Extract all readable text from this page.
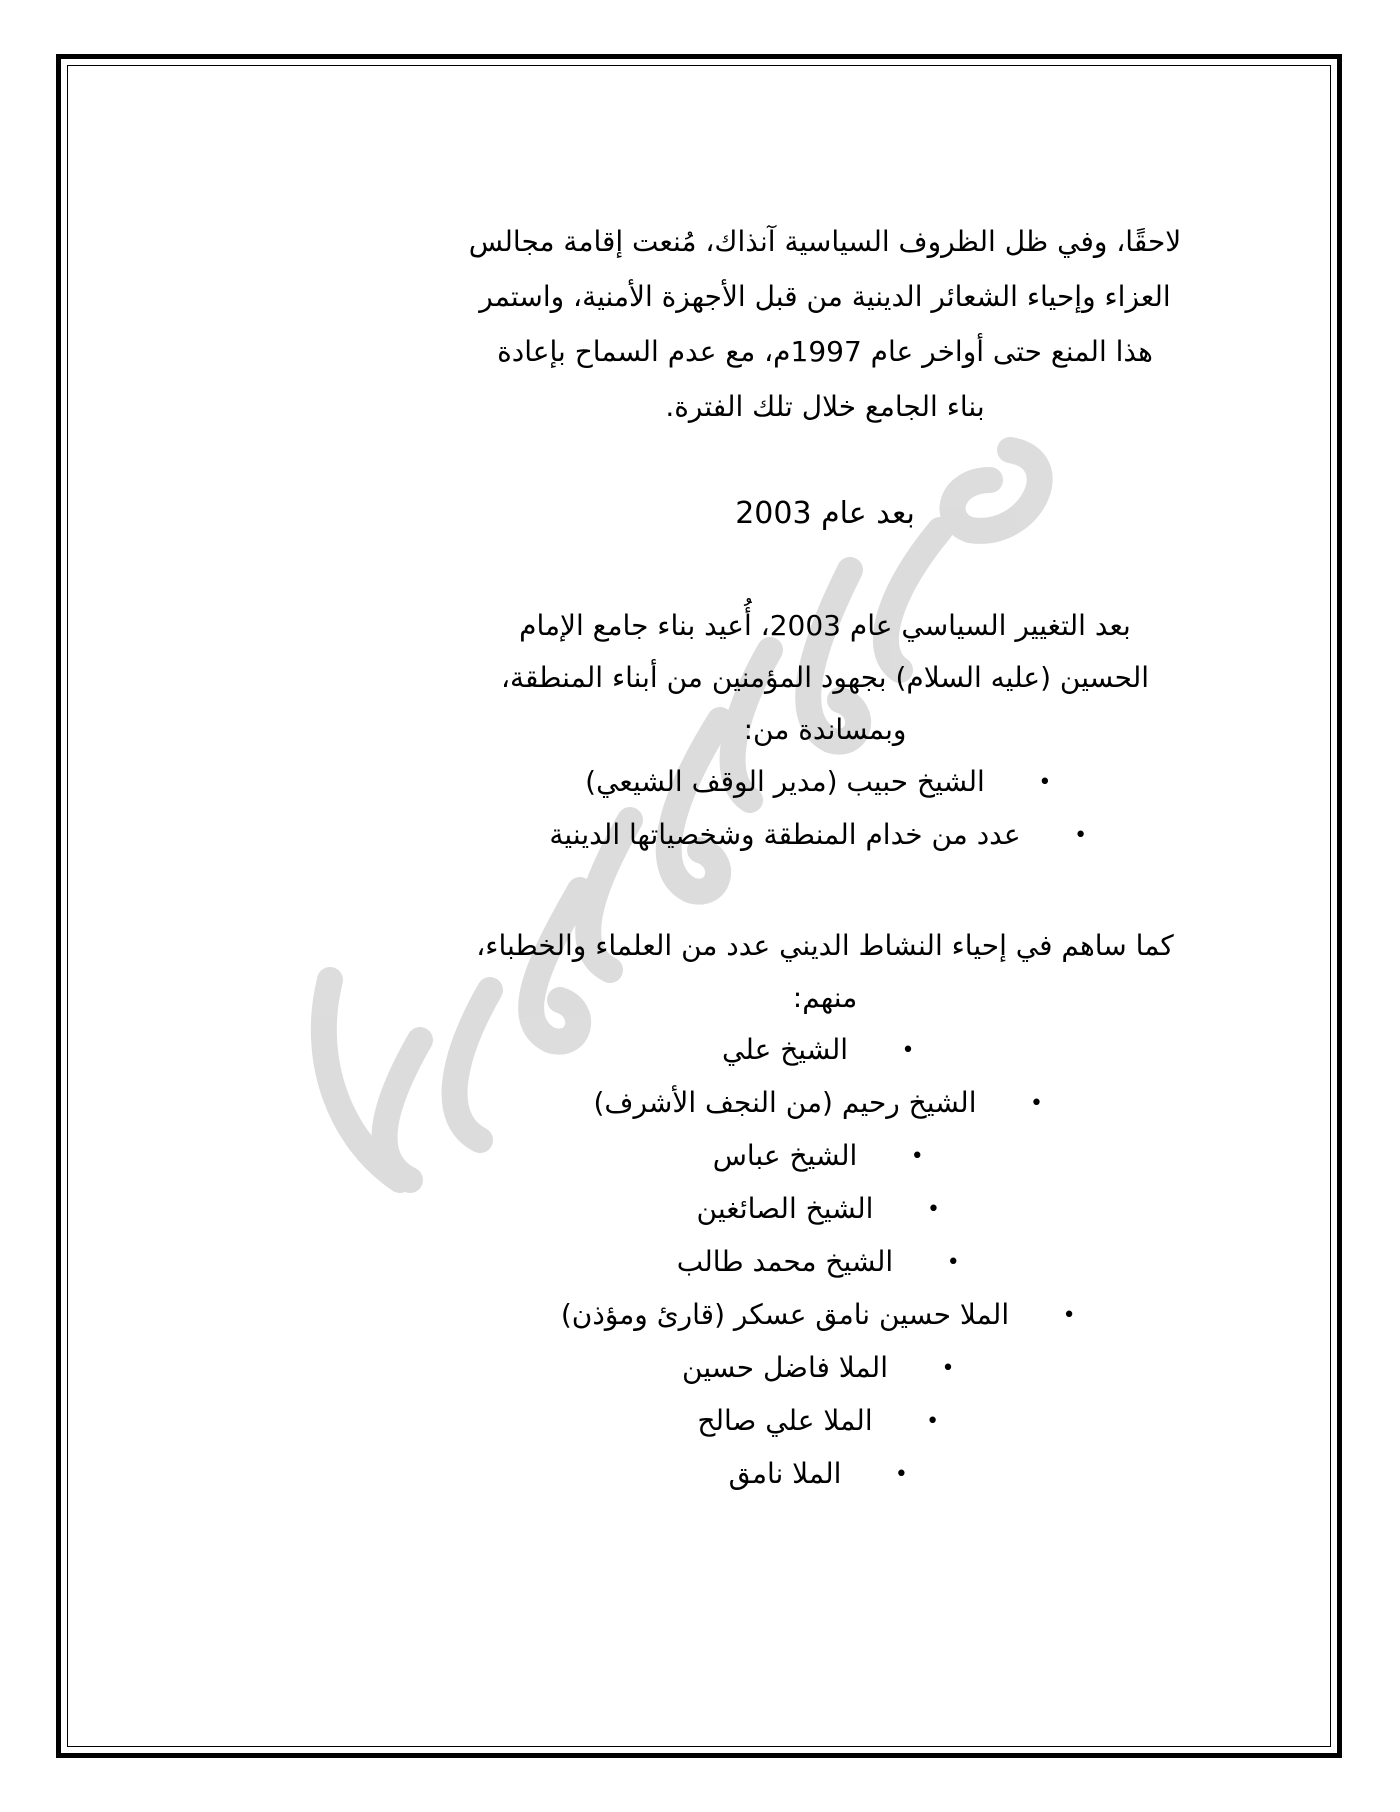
لاحقًا، وفي ظل الظروف السياسية آنذاك، مُنعت إقامة مجالس
العزاء وإحياء الشعائر الدينية من قبل الأجهزة الأمنية، واستمر
هذا المنع حتى أواخر عام 1997م، مع عدم السماح بإعادة
بناء الجامع خلال تلك الفترة.

بعد عام 2003

بعد التغيير السياسي عام 2003، أُعيد بناء جامع الإمام
الحسين (عليه السلام) بجهود المؤمنين من أبناء المنطقة،
وبمساندة من:

•الشيخ حبيب (مدير الوقف الشيعي)
•عدد من خدام المنطقة وشخصياتها الدينية

كما ساهم في إحياء النشاط الديني عدد من العلماء والخطباء،
منهم:

•الشيخ علي
•الشيخ رحيم (من النجف الأشرف)
•الشيخ عباس
•الشيخ الصائغين
•الشيخ محمد طالب
•الملا حسين نامق عسكر (قارئ ومؤذن)
•الملا فاضل حسين
•الملا علي صالح
•الملا نامق
